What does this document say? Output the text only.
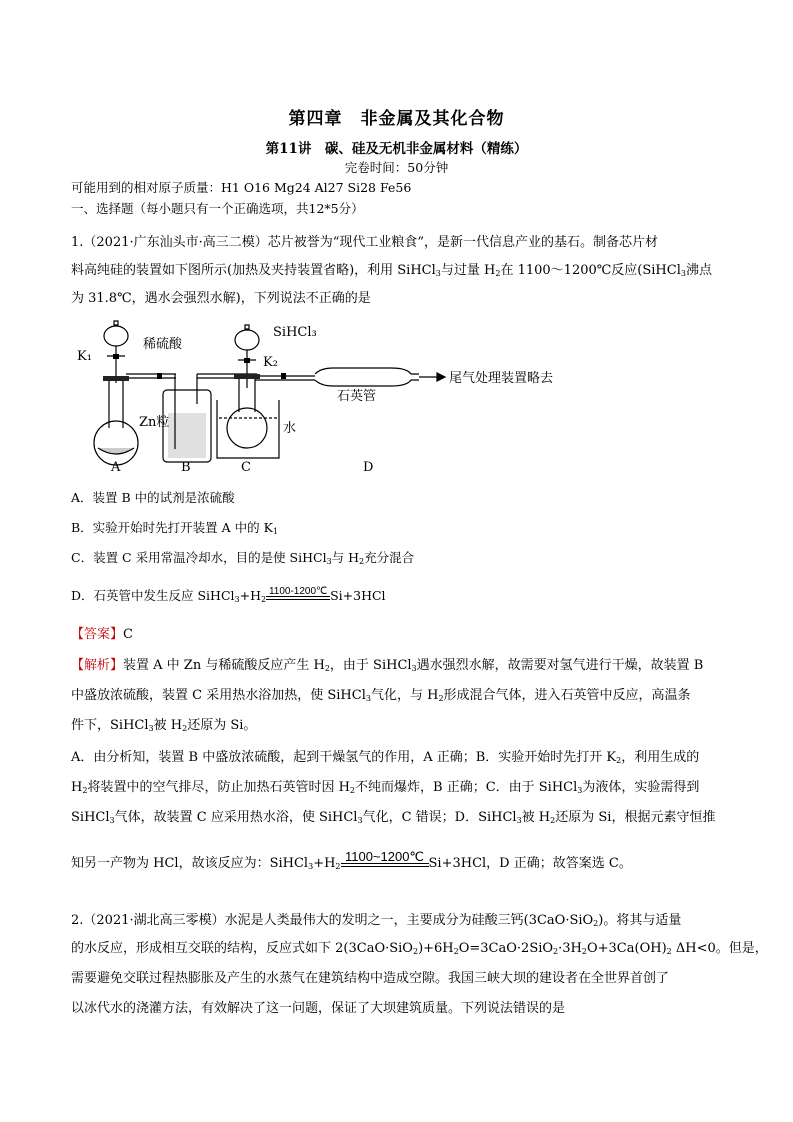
第四章　非金属及其化合物
第11讲　碳、硅及无机非金属材料（精练）
完卷时间：50分钟
可能用到的相对原子质量：H1 O16 Mg24 Al27 Si28 Fe56
一、选择题（每小题只有一个正确选项，共12*5分）
1.（2021·广东汕头市·高三二模）芯片被誉为“现代工业粮食”，是新一代信息产业的基石。制备芯片材
料高纯硅的装置如下图所示(加热及夹持装置省略)，利用 SiHCl$_3$与过量 $H_2$在 1100～1200℃反应(SiHCl$_3$沸点
为 31.8℃，遇水会强烈水解)，下列说法不正确的是
稀硫酸
SiHCl₃
K₁	K₂
Zn粒	水
石英管
尾气处理装置略去
A	B	C	D
A．装置 B 中的试剂是浓硫酸
B．实验开始时先打开装置 A 中的 $K_1$
C．装置 C 采用常温冷却水，目的是使 SiHCl$_3$与 $H_2$充分混合
D．石英管中发生反应 $SiHCl_3+H_2$
1100-1200℃ Si+3HCl
【答案】C
【解析】装置 A 中 Zn 与稀硫酸反应产生 $H_2$，由于 SiHCl$_3$遇水强烈水解，故需要对氢气进行干燥，故装置 B
中盛放浓硫酸，装置 C 采用热水浴加热，使 SiHCl$_3$气化，与 $H_2$形成混合气体，进入石英管中反应，高温条
件下，SiHCl$_3$被 $H_2$还原为 Si。
A．由分析知，装置 B 中盛放浓硫酸，起到干燥氢气的作用，A 正确；B．实验开始时先打开 $K_2$，利用生成的
$H_2$将装置中的空气排尽，防止加热石英管时因 $H_2$不纯而爆炸，B 正确；C．由于 SiHCl$_3$为液体，实验需得到
SiHCl$_3$气体，故装置 C 应采用热水浴，使 SiHCl$_3$气化，C 错误；D．SiHCl$_3$被 $H_2$还原为 Si，根据元素守恒推
知另一产物为 HCl，故该反应为：$SiHCl_3+H_2$
1100~1200℃ Si+3HCl，D 正确；故答案选 C。
2.（2021·湖北高三零模）水泥是人类最伟大的发明之一，主要成分为硅酸三钙(3CaO·SiO$_2$)。将其与适量
的水反应，形成相互交联的结构，反应式如下 $2(3CaO\cdot SiO_2)+6H_2O=3CaO\cdot 2SiO_2\cdot 3H_2O+3Ca(OH)_2$ ΔH<0。但是，
需要避免交联过程热膨胀及产生的水蒸气在建筑结构中造成空隙。我国三峡大坝的建设者在全世界首创了
以冰代水的浇灌方法，有效解决了这一问题，保证了大坝建筑质量。下列说法错误的是
